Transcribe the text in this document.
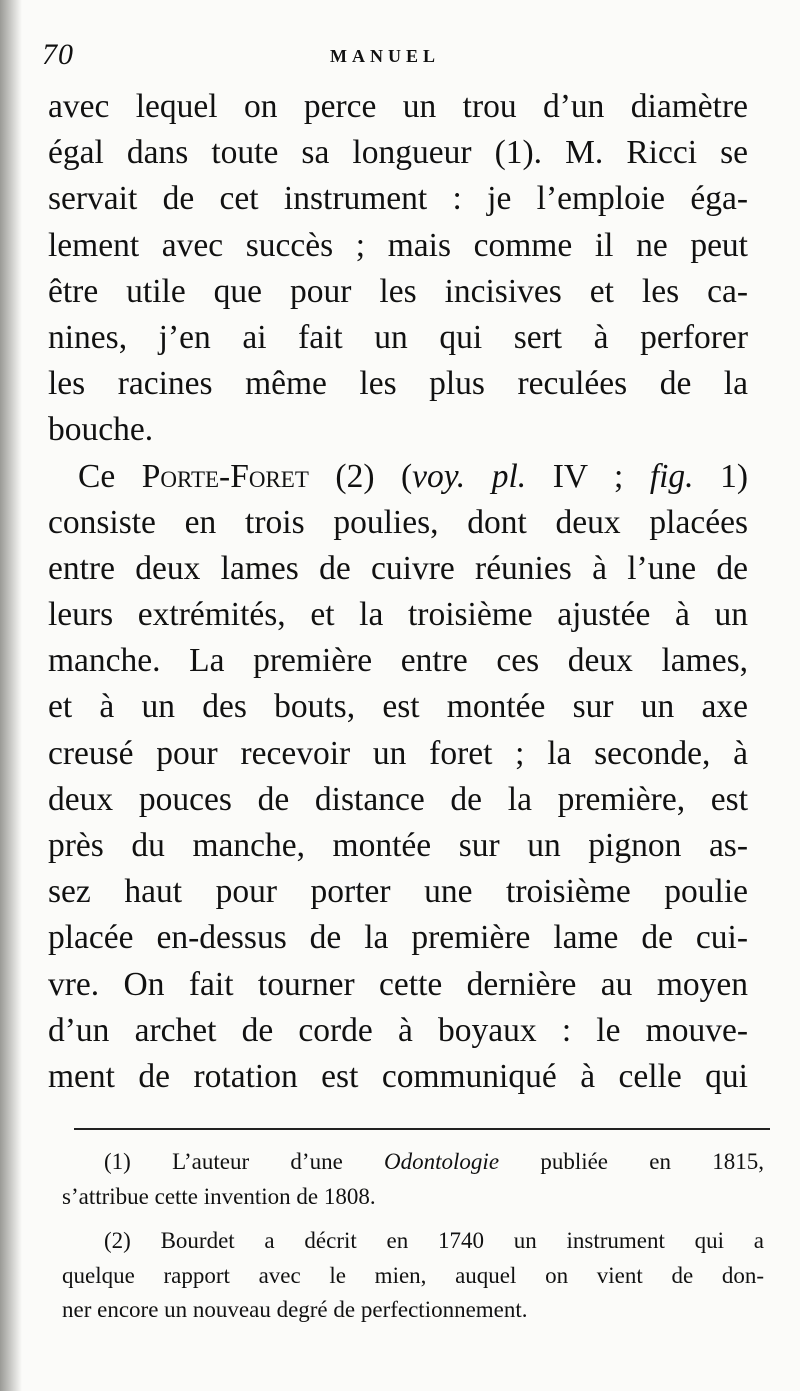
70	MANUEL
avec lequel on perce un trou d’un diamètre
égal dans toute sa longueur (1). M. Ricci se
servait de cet instrument : je l’emploie éga-
lement avec succès ; mais comme il ne peut
être utile que pour les incisives et les ca-
nines, j’en ai fait un qui sert à perforer
les racines même les plus reculées de la
bouche.
Ce Porte-Foret (2) (voy. pl. IV ; fig. 1)
consiste en trois poulies, dont deux placées
entre deux lames de cuivre réunies à l’une de
leurs extrémités, et la troisième ajustée à un
manche. La première entre ces deux lames,
et à un des bouts, est montée sur un axe
creusé pour recevoir un foret ; la seconde, à
deux pouces de distance de la première, est
près du manche, montée sur un pignon as-
sez haut pour porter une troisième poulie
placée en-dessus de la première lame de cui-
vre. On fait tourner cette dernière au moyen
d’un archet de corde à boyaux : le mouve-
ment de rotation est communiqué à celle qui
(1) L’auteur d’une Odontologie publiée en 1815,
s’attribue cette invention de 1808.
(2) Bourdet a décrit en 1740 un instrument qui a
quelque rapport avec le mien, auquel on vient de don-
ner encore un nouveau degré de perfectionnement.
